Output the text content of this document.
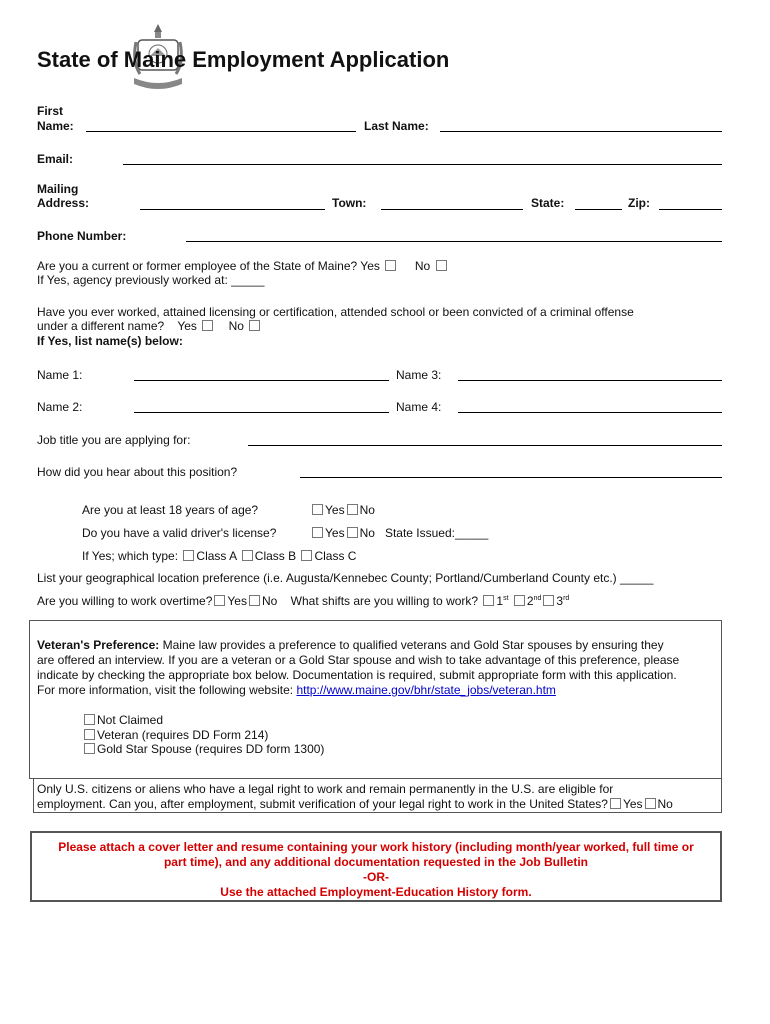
State of Maine Employment Application
First
Name:	Last Name:
Email:
Mailing
Address:	Town:	State:	Zip:
Phone Number:
Are you a current or former employee of the State of Maine? Yes	No
If Yes, agency previously worked at: _____
Have you ever worked, attained licensing or certification, attended school or been convicted of a criminal offense
under a different name? Yes	No
If Yes, list name(s) below:
Name 1:	Name 3:
Name 2:	Name 4:
Job title you are applying for:
How did you hear about this position?
Are you at least 18 years of age?	Yes No
Do you have a valid driver's license?	Yes No State Issued:_____
If Yes; which type: Class A Class B Class C
List your geographical location preference (i.e. Augusta/Kennebec County; Portland/Cumberland County etc.) _____
Are you willing to work overtime? Yes No What shifts are you willing to work? 1st 2nd 3rd
Veteran's Preference: Maine law provides a preference to qualified veterans and Gold Star spouses by ensuring they
are offered an interview. If you are a veteran or a Gold Star spouse and wish to take advantage of this preference, please
indicate by checking the appropriate box below. Documentation is required, submit appropriate form with this application.
For more information, visit the following website: http://www.maine.gov/bhr/state_jobs/veteran.htm
Not Claimed
Veteran (requires DD Form 214)
Gold Star Spouse (requires DD form 1300)
Only U.S. citizens or aliens who have a legal right to work and remain permanently in the U.S. are eligible for
employment. Can you, after employment, submit verification of your legal right to work in the United States? Yes No
Please attach a cover letter and resume containing your work history (including month/year worked, full time or
part time), and any additional documentation requested in the Job Bulletin
-OR-
Use the attached Employment-Education History form.
